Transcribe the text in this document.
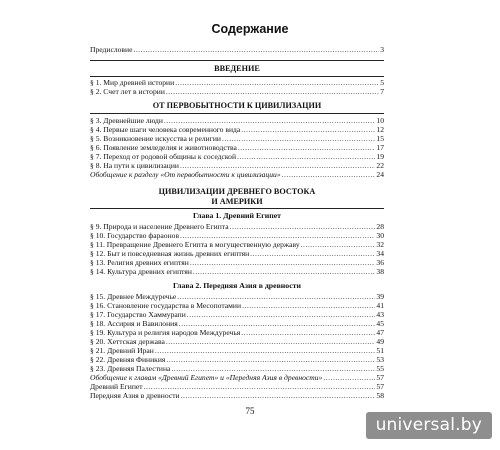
Содержание
Предисловие .....	3
ВВЕДЕНИЕ
§ 1. Мир древней истории .....	5
§ 2. Счет лет в истории .....	7
ОТ ПЕРВОБЫТНОСТИ К ЦИВИЛИЗАЦИИ
§ 3. Древнейшие люди .....	10
§ 4. Первые шаги человека современного вида .....	12
§ 5. Возникновение искусства и религии .....	15
§ 6. Появление земледелия и животноводства .....	17
§ 7. Переход от родовой общины к соседской .....	19
§ 8. На пути к цивилизации .....	22
Обобщение к разделу «От первобытности к цивилизации» .....	24
ЦИВИЛИЗАЦИИ ДРЕВНЕГО ВОСТОКА
И АМЕРИКИ
Глава 1. Древний Египет
§ 9. Природа и население Древнего Египта .....	28
§ 10. Государство фараонов .....	30
§ 11. Превращение Древнего Египта в могущественную державу .....	32
§ 12. Быт и повседневная жизнь древних египтян .....	34
§ 13. Религия древних египтян .....	36
§ 14. Культура древних египтян .....	38
Глава 2. Передняя Азия в древности
§ 15. Древнее Междуречье .....	39
§ 16. Становление государства в Месопотамии .....	41
§ 17. Государство Хаммурапи .....	43
§ 18. Ассирия и Вавилония .....	45
§ 19. Культура и религия народов Междуречья .....	47
§ 20. Хеттская держава .....	49
§ 21. Древний Иран .....	51
§ 22. Древняя Финикия .....	53
§ 23. Древняя Палестина .....	55
Обобщение к главам «Древний Египет» и «Передняя Азия в древности» .....	57
Древний Египет .....	57
Передняя Азия в древности .....	58
75
universal.by
